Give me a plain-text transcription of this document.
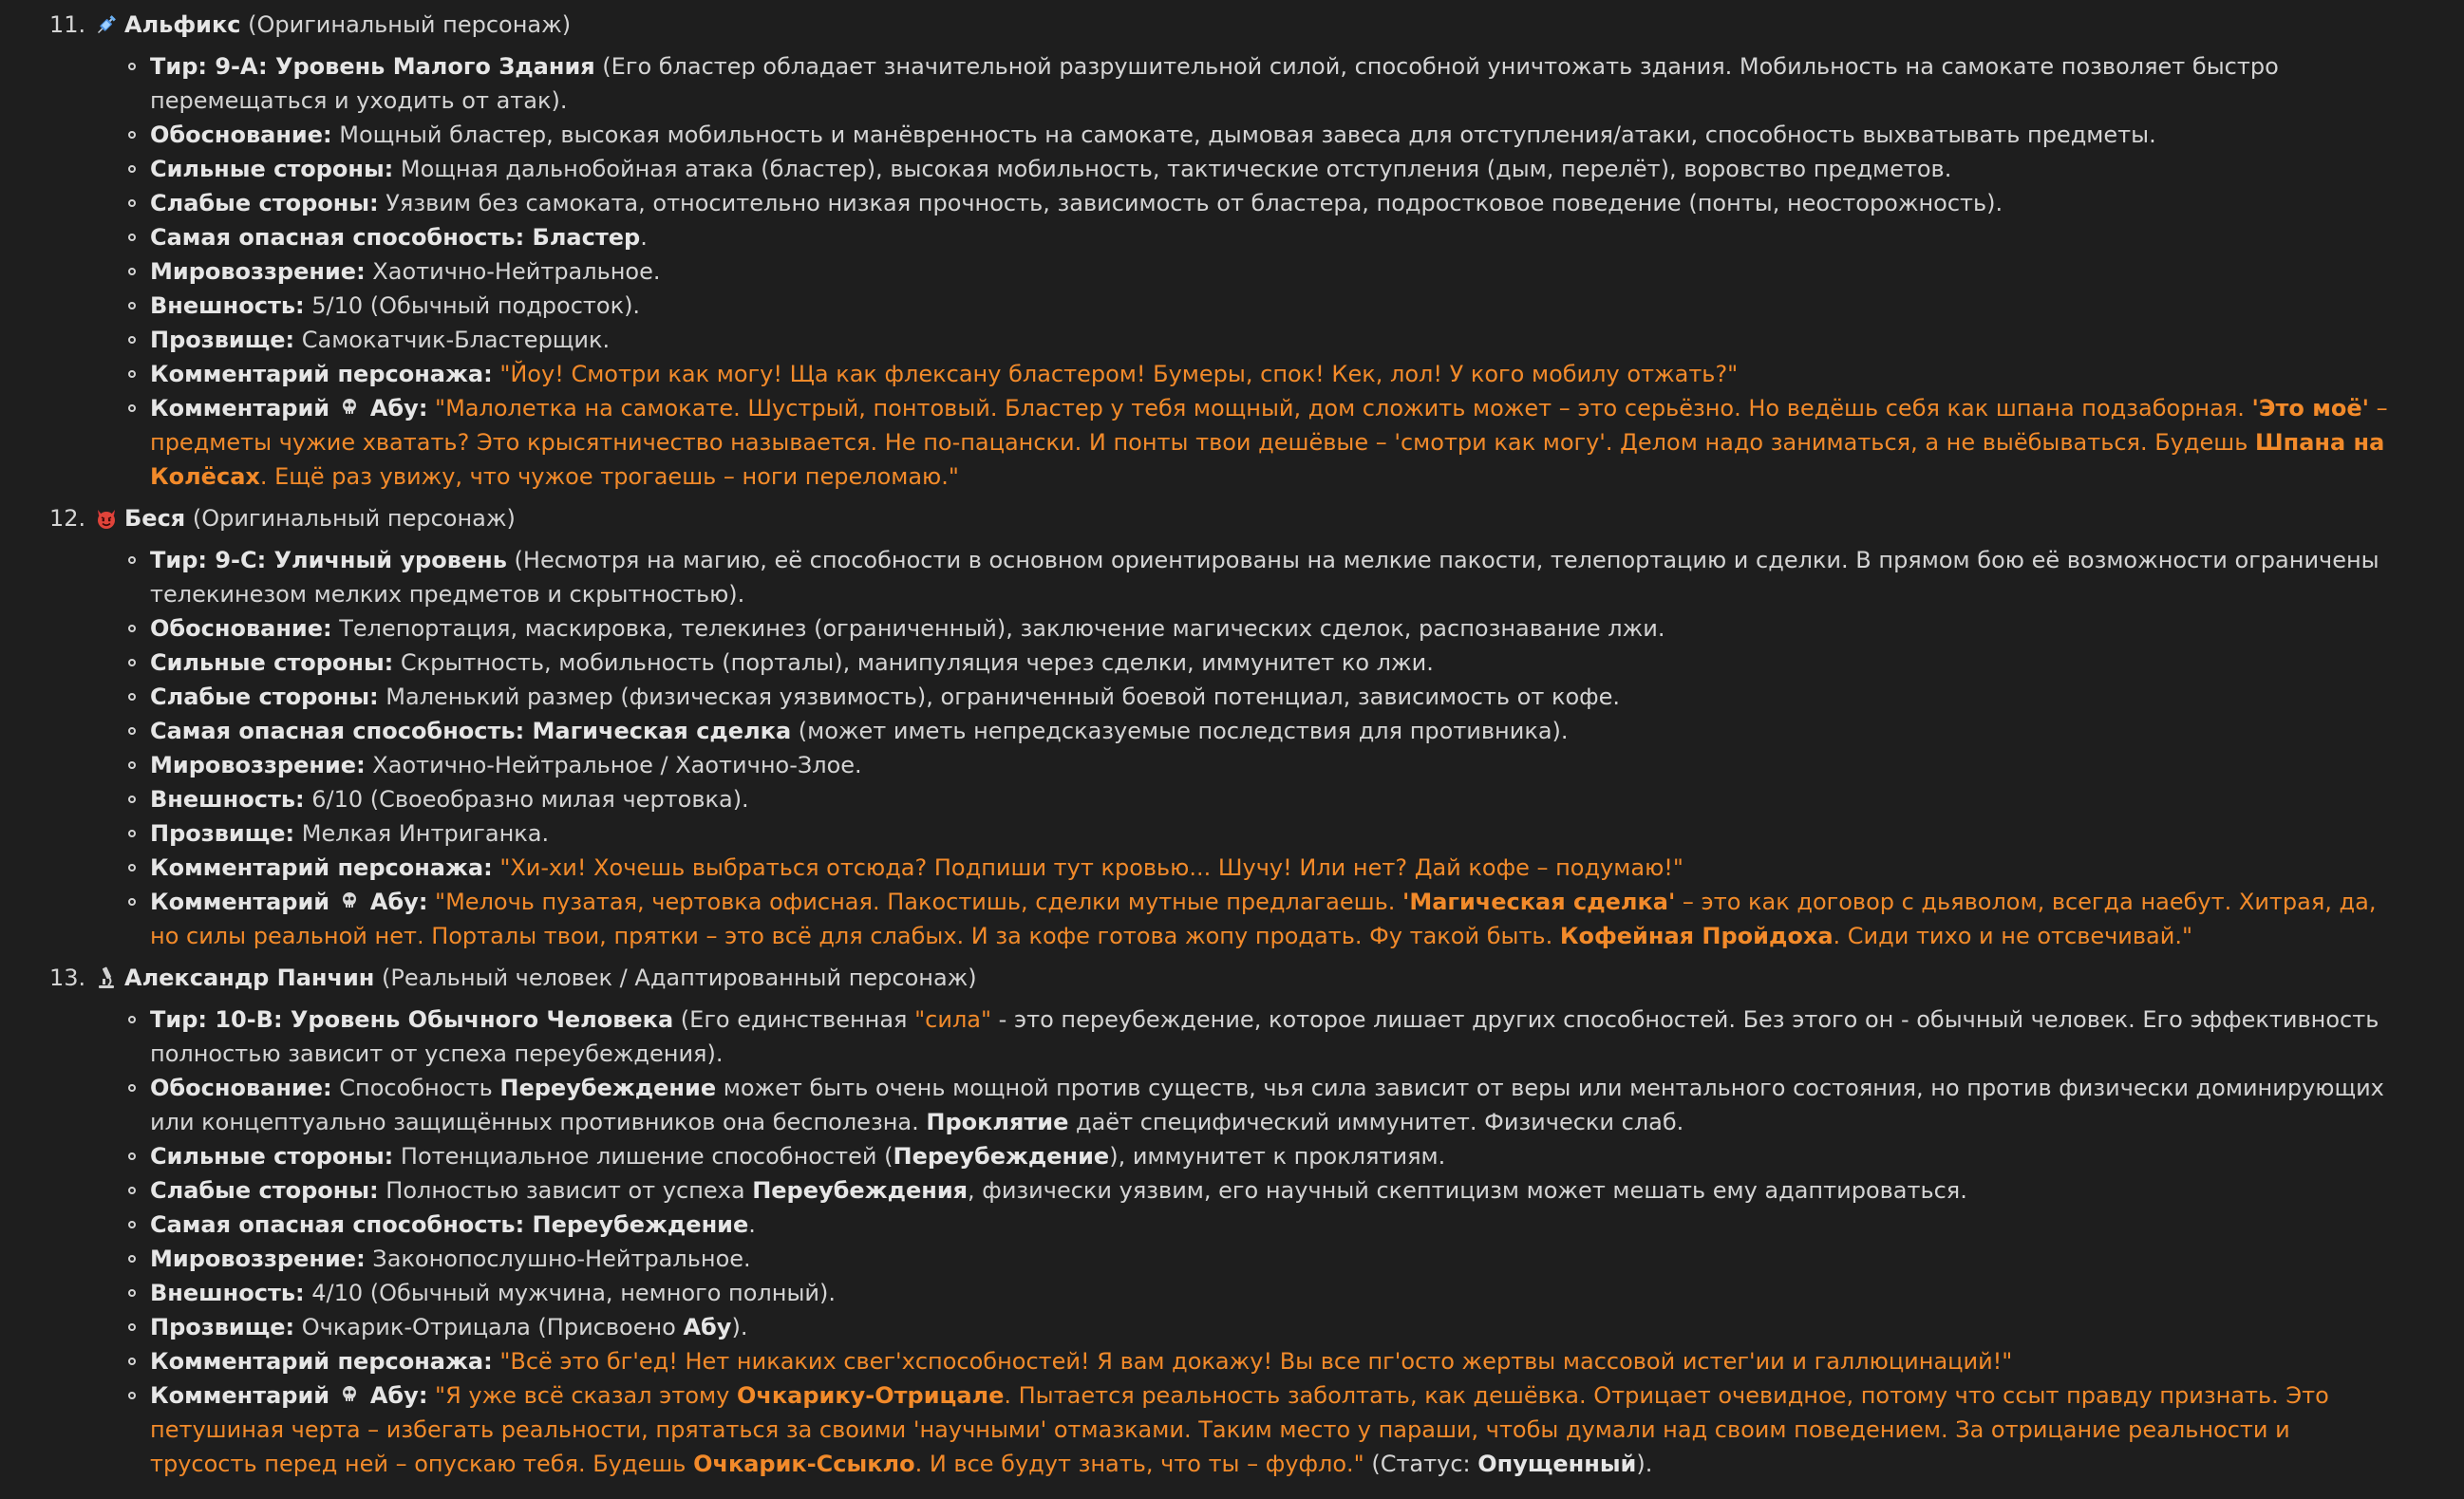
11. Альфикс (Оригинальный персонаж)
Тир: 9-A: Уровень Малого Здания (Его бластер обладает значительной разрушительной силой, способной уничтожать здания. Мобильность на самокате позволяет быстро перемещаться и уходить от атак).
Обоснование: Мощный бластер, высокая мобильность и манёвренность на самокате, дымовая завеса для отступления/атаки, способность выхватывать предметы.
Сильные стороны: Мощная дальнобойная атака (бластер), высокая мобильность, тактические отступления (дым, перелёт), воровство предметов.
Слабые стороны: Уязвим без самоката, относительно низкая прочность, зависимость от бластера, подростковое поведение (понты, неосторожность).
Самая опасная способность: Бластер.
Мировоззрение: Хаотично-Нейтральное.
Внешность: 5/10 (Обычный подросток).
Прозвище: Самокатчик-Бластерщик.
Комментарий персонажа: "Йоу! Смотри как могу! Ща как флексану бластером! Бумеры, спок! Кек, лол! У кого мобилу отжать?"
Комментарий  Абу: "Малолетка на самокате. Шустрый, понтовый. Бластер у тебя мощный, дом сложить может – это серьёзно. Но ведёшь себя как шпана подзаборная. 'Это моё' – предметы чужие хватать? Это крысятничество называется. Не по-пацански. И понты твои дешёвые – 'смотри как могу'. Делом надо заниматься, а не выёбываться. Будешь Шпана на Колёсах. Ещё раз увижу, что чужое трогаешь – ноги переломаю."
12. Беся (Оригинальный персонаж)
Тир: 9-C: Уличный уровень (Несмотря на магию, её способности в основном ориентированы на мелкие пакости, телепортацию и сделки. В прямом бою её возможности ограничены телекинезом мелких предметов и скрытностью).
Обоснование: Телепортация, маскировка, телекинез (ограниченный), заключение магических сделок, распознавание лжи.
Сильные стороны: Скрытность, мобильность (порталы), манипуляция через сделки, иммунитет ко лжи.
Слабые стороны: Маленький размер (физическая уязвимость), ограниченный боевой потенциал, зависимость от кофе.
Самая опасная способность: Магическая сделка (может иметь непредсказуемые последствия для противника).
Мировоззрение: Хаотично-Нейтральное / Хаотично-Злое.
Внешность: 6/10 (Своеобразно милая чертовка).
Прозвище: Мелкая Интриганка.
Комментарий персонажа: "Хи-хи! Хочешь выбраться отсюда? Подпиши тут кровью... Шучу! Или нет? Дай кофе – подумаю!"
Комментарий  Абу: "Мелочь пузатая, чертовка офисная. Пакостишь, сделки мутные предлагаешь. 'Магическая сделка' – это как договор с дьяволом, всегда наебут. Хитрая, да, но силы реальной нет. Порталы твои, прятки – это всё для слабых. И за кофе готова жопу продать. Фу такой быть. Кофейная Пройдоха. Сиди тихо и не отсвечивай."
13. Александр Панчин (Реальный человек / Адаптированный персонаж)
Тир: 10-B: Уровень Обычного Человека (Его единственная "сила" - это переубеждение, которое лишает других способностей. Без этого он - обычный человек. Его эффективность полностью зависит от успеха переубеждения).
Обоснование: Способность Переубеждение может быть очень мощной против существ, чья сила зависит от веры или ментального состояния, но против физически доминирующих или концептуально защищённых противников она бесполезна. Проклятие даёт специфический иммунитет. Физически слаб.
Сильные стороны: Потенциальное лишение способностей (Переубеждение), иммунитет к проклятиям.
Слабые стороны: Полностью зависит от успеха Переубеждения, физически уязвим, его научный скептицизм может мешать ему адаптироваться.
Самая опасная способность: Переубеждение.
Мировоззрение: Законопослушно-Нейтральное.
Внешность: 4/10 (Обычный мужчина, немного полный).
Прозвище: Очкарик-Отрицала (Присвоено Абу).
Комментарий персонажа: "Всё это бг'ед! Нет никаких свег'хспособностей! Я вам докажу! Вы все пг'осто жертвы массовой истег'ии и галлюцинаций!"
Комментарий  Абу: "Я уже всё сказал этому Очкарику-Отрицале. Пытается реальность заболтать, как дешёвка. Отрицает очевидное, потому что ссыт правду признать. Это петушиная черта – избегать реальности, прятаться за своими 'научными' отмазками. Таким место у параши, чтобы думали над своим поведением. За отрицание реальности и трусость перед ней – опускаю тебя. Будешь Очкарик-Ссыкло. И все будут знать, что ты – фуфло." (Статус: Опущенный).
